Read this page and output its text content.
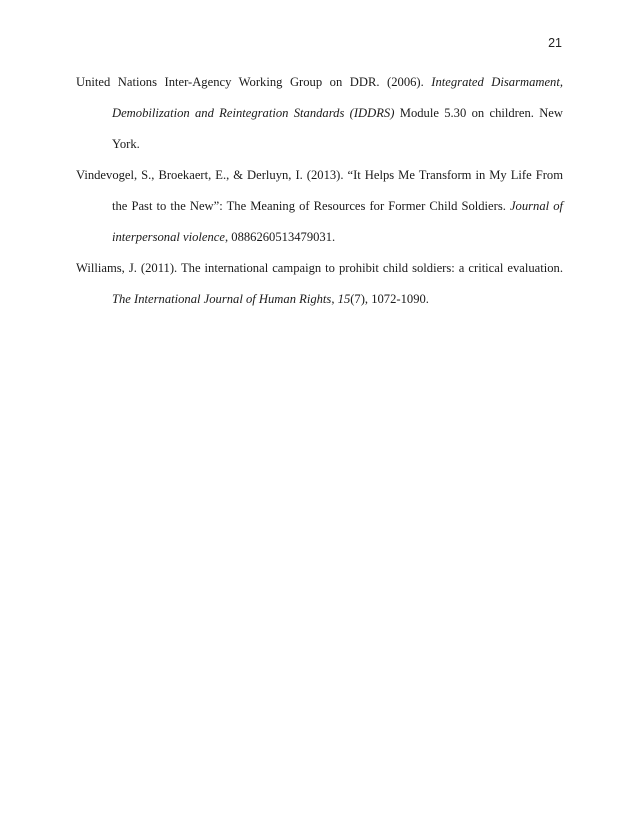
21

United Nations Inter-Agency Working Group on DDR. (2006). Integrated Disarmament, Demobilization and Reintegration Standards (IDDRS) Module 5.30 on children. New York.

Vindevogel, S., Broekaert, E., & Derluyn, I. (2013). “It Helps Me Transform in My Life From the Past to the New”: The Meaning of Resources for Former Child Soldiers. Journal of interpersonal violence, 0886260513479031.

Williams, J. (2011). The international campaign to prohibit child soldiers: a critical evaluation. The International Journal of Human Rights, 15(7), 1072-1090.
